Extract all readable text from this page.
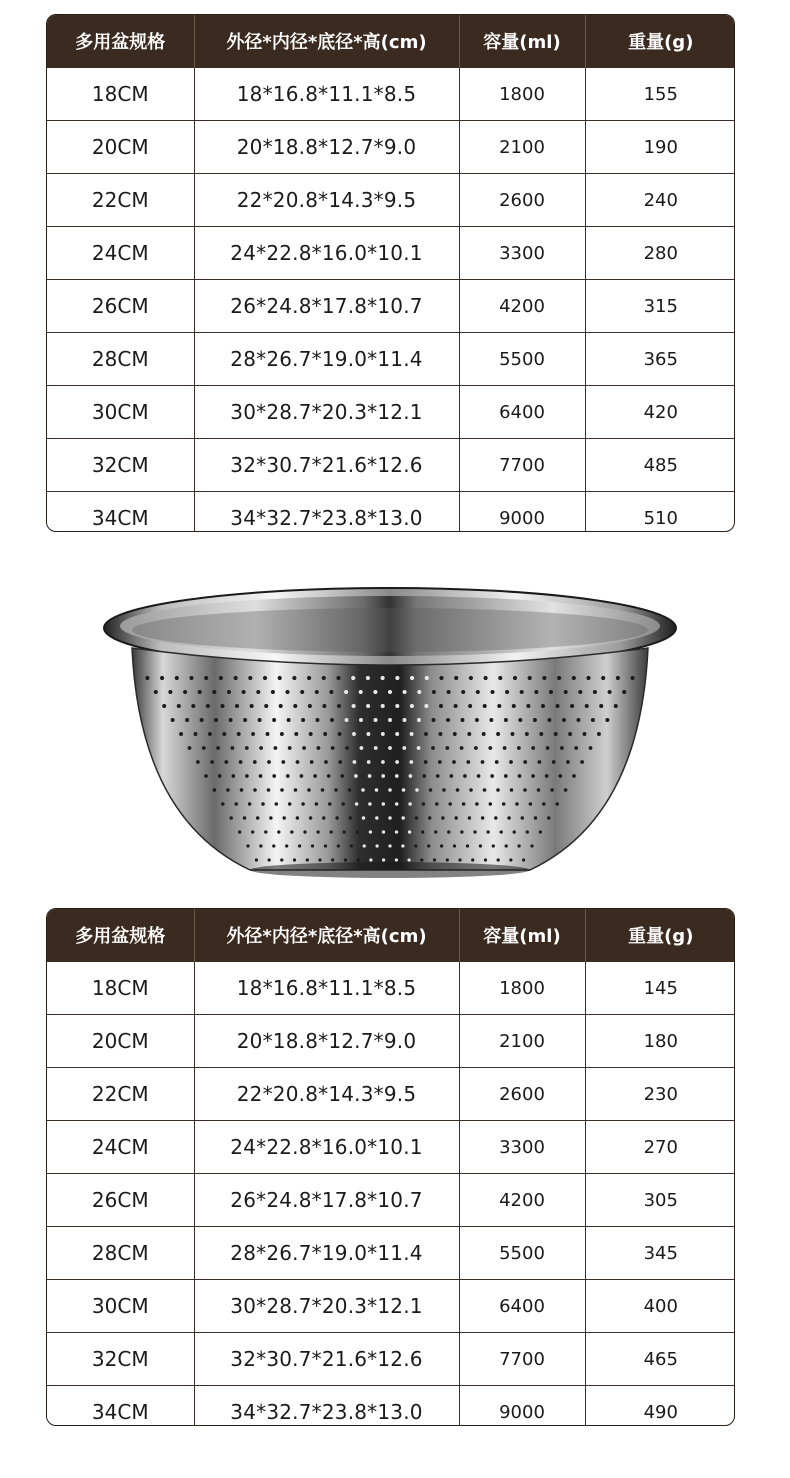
多用盆规格	外径*内径*底径*高(cm)	容量(ml)	重量(g)
18CM	18*16.8*11.1*8.5	1800	155
20CM	20*18.8*12.7*9.0	2100	190
22CM	22*20.8*14.3*9.5	2600	240
24CM	24*22.8*16.0*10.1	3300	280
26CM	26*24.8*17.8*10.7	4200	315
28CM	28*26.7*19.0*11.4	5500	365
30CM	30*28.7*20.3*12.1	6400	420
32CM	32*30.7*21.6*12.6	7700	485
34CM	34*32.7*23.8*13.0	9000	510
多用盆规格	外径*内径*底径*高(cm)	容量(ml)	重量(g)
18CM	18*16.8*11.1*8.5	1800	145
20CM	20*18.8*12.7*9.0	2100	180
22CM	22*20.8*14.3*9.5	2600	230
24CM	24*22.8*16.0*10.1	3300	270
26CM	26*24.8*17.8*10.7	4200	305
28CM	28*26.7*19.0*11.4	5500	345
30CM	30*28.7*20.3*12.1	6400	400
32CM	32*30.7*21.6*12.6	7700	465
34CM	34*32.7*23.8*13.0	9000	490
